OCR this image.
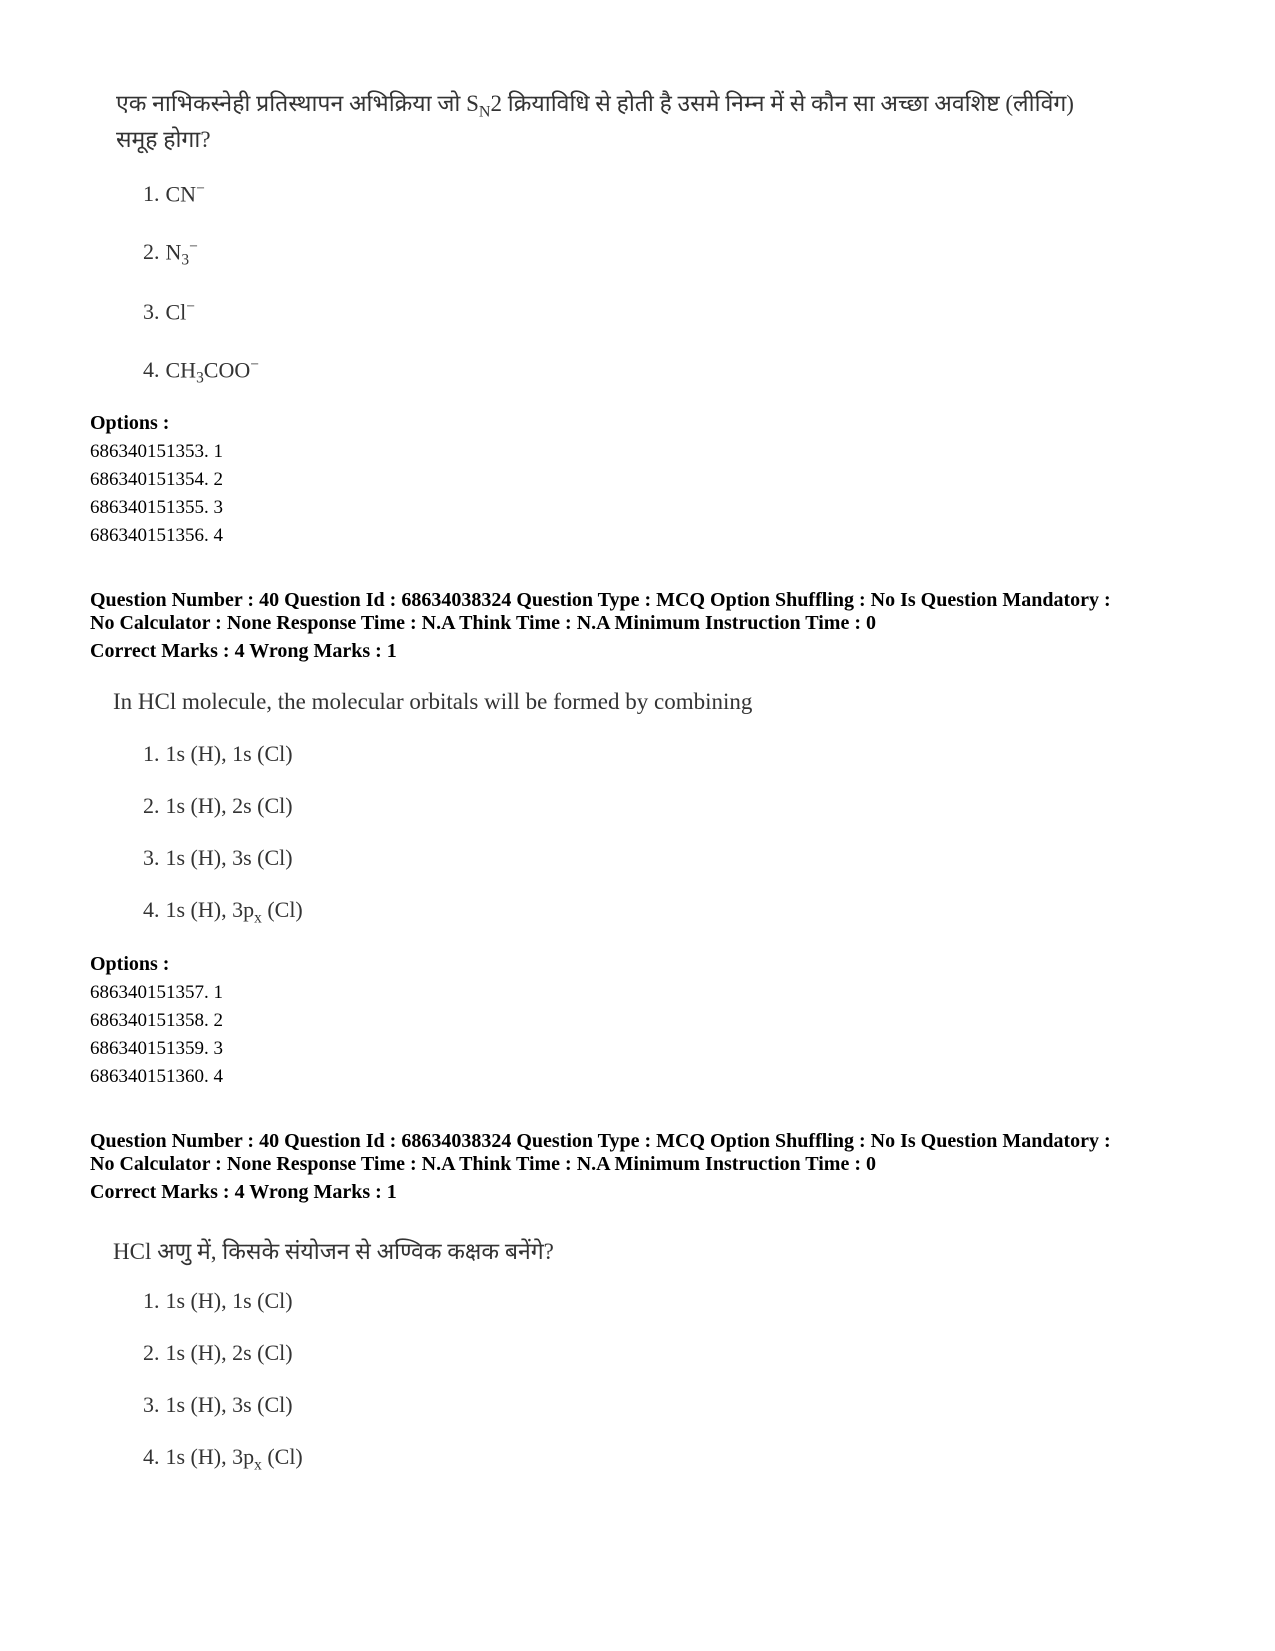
एक नाभिकस्नेही प्रतिस्थापन अभिक्रिया जो $S_N2$ क्रियाविधि से होती है उसमे निम्न में से कौन सा अच्छा अवशिष्ट (लीविंग)
समूह होगा?
1. CN−
2. $N_3^-$
3. Cl−
4. $CH_3COO^-$
Options :
686340151353. 1
686340151354. 2
686340151355. 3
686340151356. 4
Question Number : 40 Question Id : 68634038324 Question Type : MCQ Option Shuffling : No Is Question Mandatory :
No Calculator : None Response Time : N.A Think Time : N.A Minimum Instruction Time : 0
Correct Marks : 4 Wrong Marks : 1
In HCl molecule, the molecular orbitals will be formed by combining
1. 1s (H), 1s (Cl)
2. 1s (H), 2s (Cl)
3. 1s (H), 3s (Cl)
4. 1s (H), $3p_x$ (Cl)
Options :
686340151357. 1
686340151358. 2
686340151359. 3
686340151360. 4
Question Number : 40 Question Id : 68634038324 Question Type : MCQ Option Shuffling : No Is Question Mandatory :
No Calculator : None Response Time : N.A Think Time : N.A Minimum Instruction Time : 0
Correct Marks : 4 Wrong Marks : 1
HCl अणु में, किसके संयोजन से अण्विक कक्षक बनेंगे?
1. 1s (H), 1s (Cl)
2. 1s (H), 2s (Cl)
3. 1s (H), 3s (Cl)
4. 1s (H), $3p_x$ (Cl)
